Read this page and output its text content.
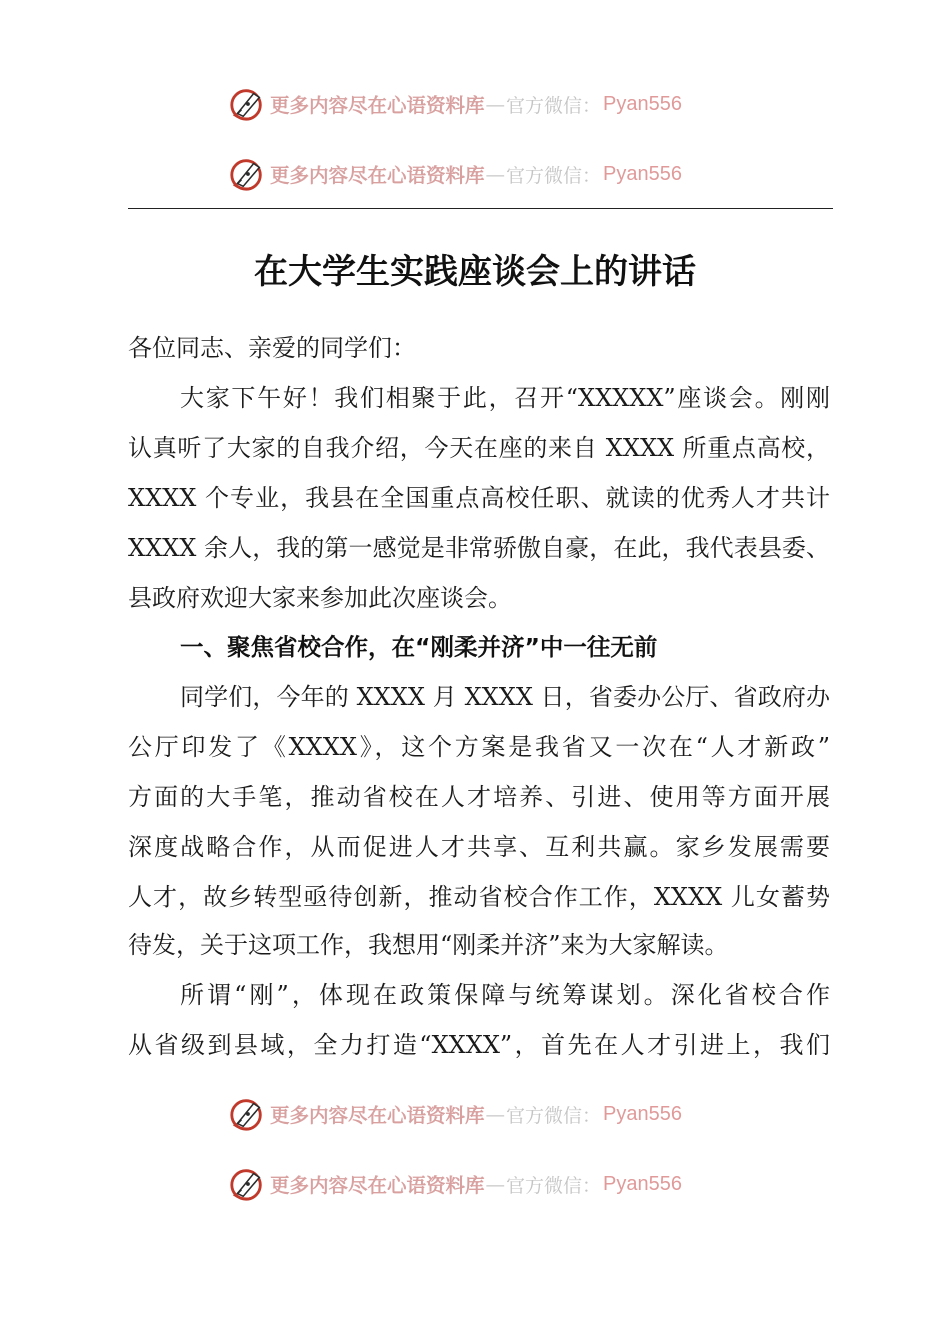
更多内容尽在心语资料库 — 官方微信： Pyan556
更多内容尽在心语资料库 — 官方微信： Pyan556
在大学生实践座谈会上的讲话
各位同志、亲爱的同学们：
大家下午好！我们相聚于此，召开“XXXXX”座谈会。刚刚
认真听了大家的自我介绍，今天在座的来自 XXXX 所重点高校，
XXXX 个专业，我县在全国重点高校任职、就读的优秀人才共计
XXXX 余人，我的第一感觉是非常骄傲自豪，在此，我代表县委、
县政府欢迎大家来参加此次座谈会。
一、聚焦省校合作，在“刚柔并济”中一往无前
同学们，今年的 XXXX 月 XXXX 日，省委办公厅、省政府办
公厅印发了《XXXX》，这个方案是我省又一次在“人才新政”
方面的大手笔，推动省校在人才培养、引进、使用等方面开展
深度战略合作，从而促进人才共享、互利共赢。家乡发展需要
人才，故乡转型亟待创新，推动省校合作工作，XXXX 儿女蓄势
待发，关于这项工作，我想用“刚柔并济”来为大家解读。
所谓“刚”，体现在政策保障与统筹谋划。深化省校合作
从省级到县域，全力打造“XXXX”，首先在人才引进上，我们
更多内容尽在心语资料库 — 官方微信： Pyan556
更多内容尽在心语资料库 — 官方微信： Pyan556
